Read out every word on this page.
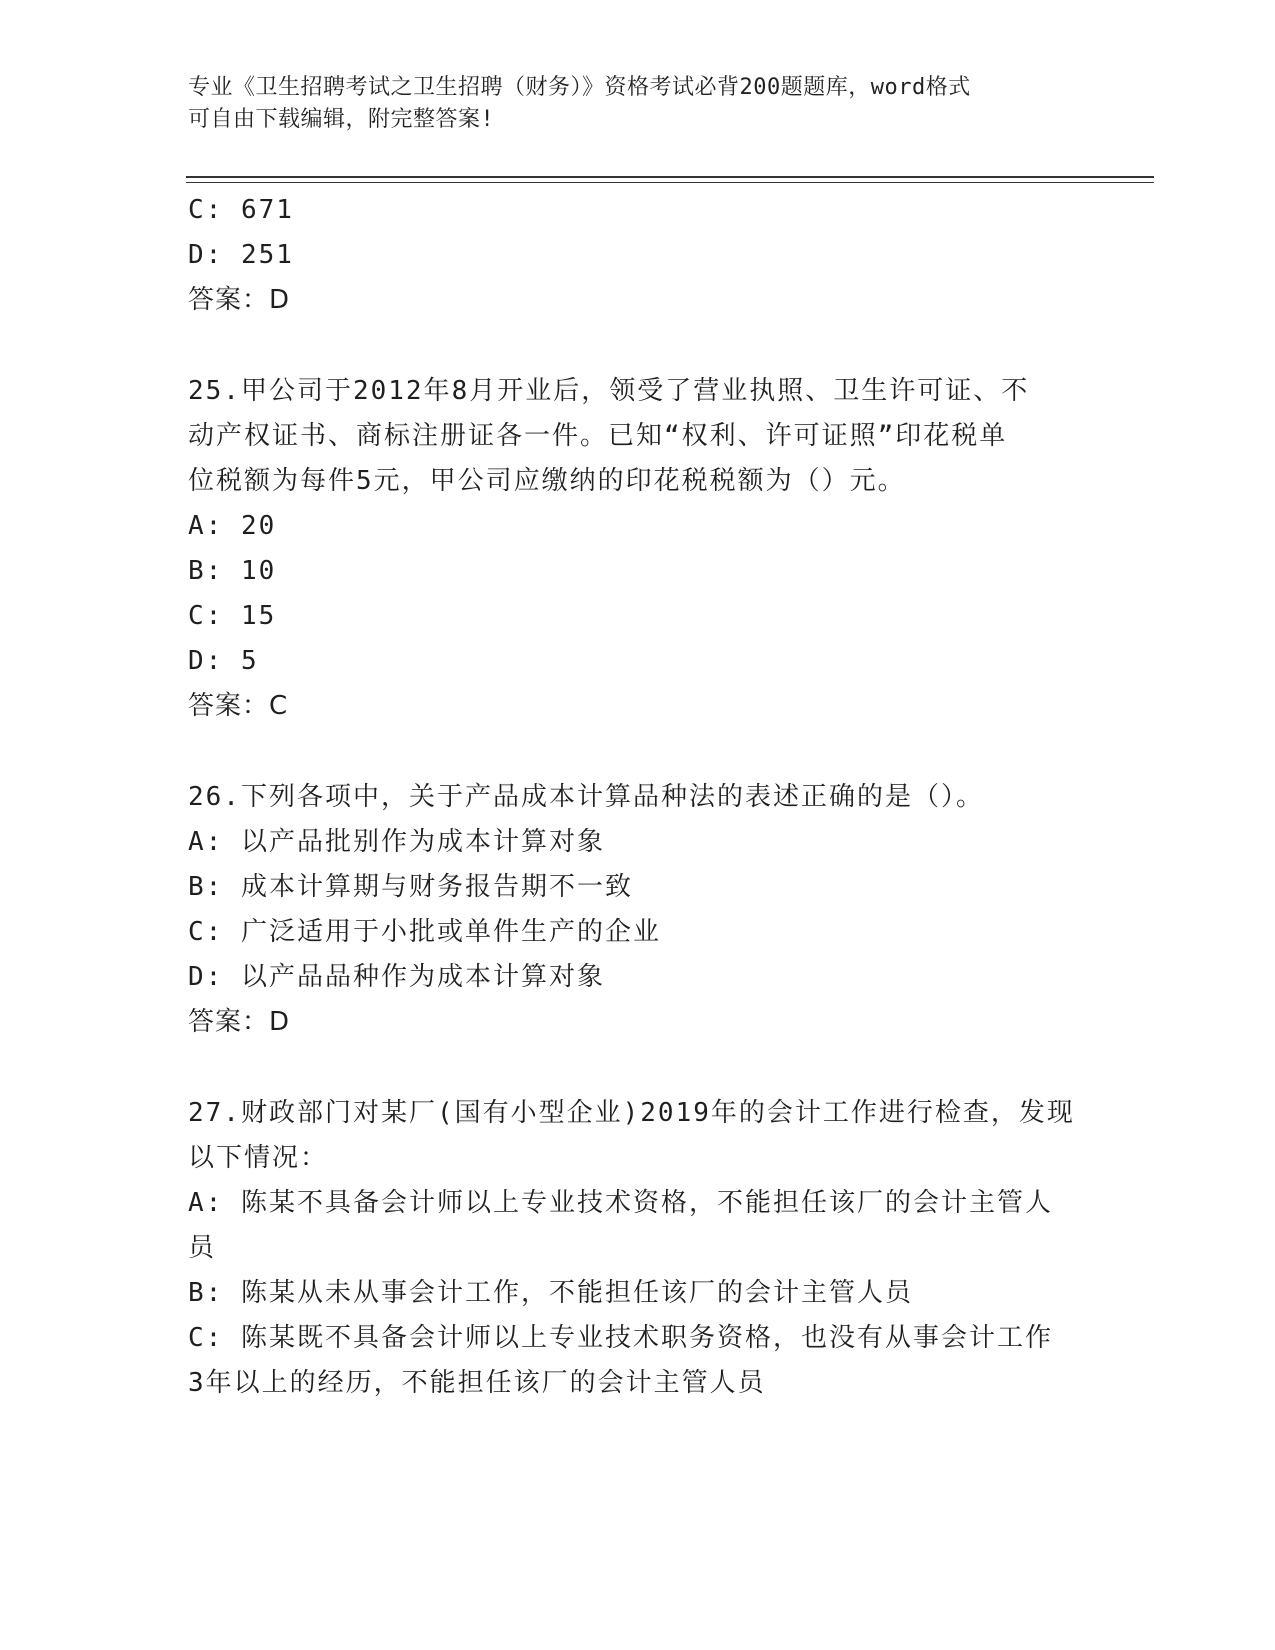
专业《卫生招聘考试之卫生招聘（财务）》资格考试必背200题题库，word格式
可自由下载编辑，附完整答案!
C: 671
D: 251
答案：D
25.甲公司于2012年8月开业后，领受了营业执照、卫生许可证、不
动产权证书、商标注册证各一件。已知“权利、许可证照”印花税单
位税额为每件5元，甲公司应缴纳的印花税税额为（）元。
A: 20
B: 10
C: 15
D: 5
答案：C
26.下列各项中，关于产品成本计算品种法的表述正确的是（）。
A: 以产品批别作为成本计算对象
B: 成本计算期与财务报告期不一致
C: 广泛适用于小批或单件生产的企业
D: 以产品品种作为成本计算对象
答案：D
27.财政部门对某厂(国有小型企业)2019年的会计工作进行检查，发现
以下情况：
A: 陈某不具备会计师以上专业技术资格，不能担任该厂的会计主管人
员
B: 陈某从未从事会计工作，不能担任该厂的会计主管人员
C: 陈某既不具备会计师以上专业技术职务资格，也没有从事会计工作
3年以上的经历，不能担任该厂的会计主管人员
